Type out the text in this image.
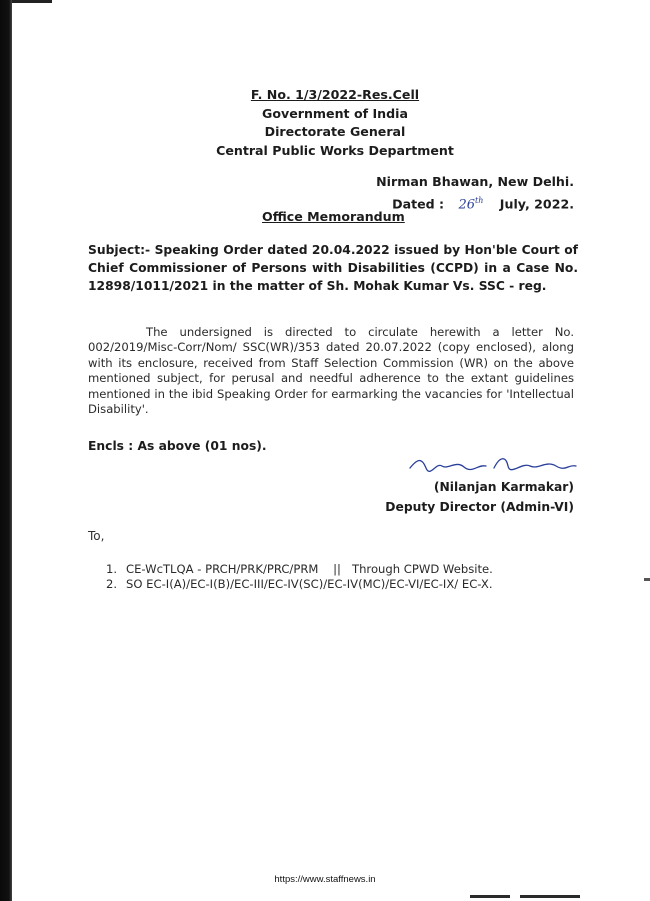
F. No. 1/3/2022-Res.Cell
Government of India
Directorate General
Central Public Works Department
Nirman Bhawan, New Delhi.
Dated : 26th July, 2022.
Office Memorandum
Subject:- Speaking Order dated 20.04.2022 issued by Hon'ble Court of Chief Commissioner of Persons with Disabilities (CCPD) in a Case No. 12898/1011/2021 in the matter of Sh. Mohak Kumar Vs. SSC - reg.
The undersigned is directed to circulate herewith a letter No. 002/2019/Misc-Corr/Nom/ SSC(WR)/353 dated 20.07.2022 (copy enclosed), along with its enclosure, received from Staff Selection Commission (WR) on the above mentioned subject, for perusal and needful adherence to the extant guidelines mentioned in the ibid Speaking Order for earmarking the vacancies for 'Intellectual Disability'.
Encls : As above (01 nos).
(Nilanjan Karmakar)
Deputy Director (Admin-VI)
To,
1. CE-WcTLQA - PRCH/PRK/PRC/PRM    ||   Through CPWD Website.
2. SO EC-I(A)/EC-I(B)/EC-III/EC-IV(SC)/EC-IV(MC)/EC-VI/EC-IX/ EC-X.
https://www.staffnews.in
